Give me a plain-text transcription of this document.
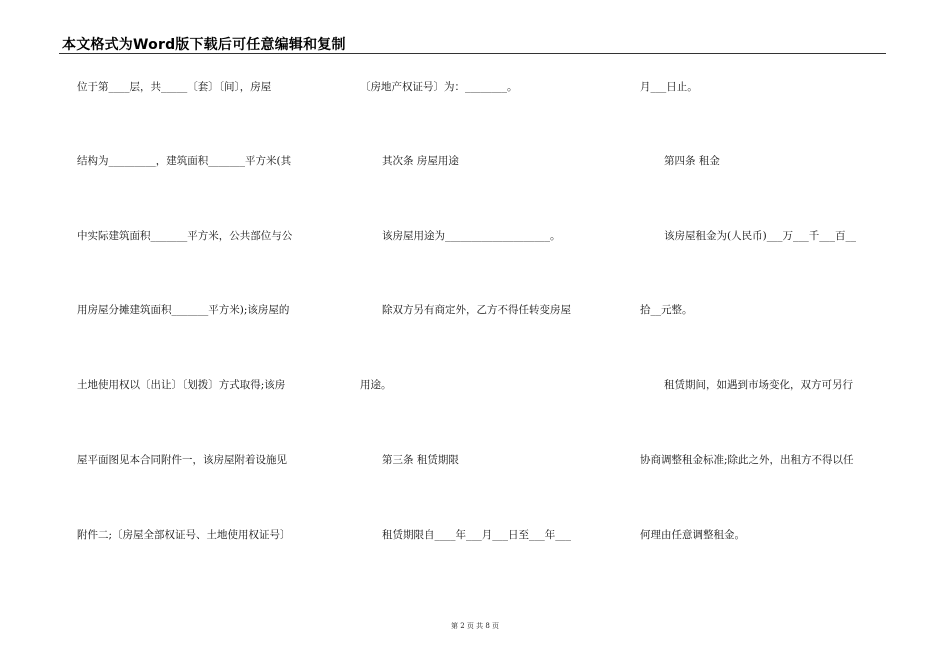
本文格式为Word版下载后可任意编辑和复制
位于第____层，共_____〔套〕〔间〕，房屋
结构为_________，建筑面积_______平方米(其
中实际建筑面积_______平方米，公共部位与公
用房屋分摊建筑面积_______平方米);该房屋的
土地使用权以〔出让〕〔划拨〕方式取得;该房
屋平面图见本合同附件一，该房屋附着设施见
附件二;〔房屋全部权证号、土地使用权证号〕
〔房地产权证号〕为：________。
其次条 房屋用途
该房屋用途为____________________。
除双方另有商定外，乙方不得任转变房屋
用途。
第三条 租赁期限
租赁期限自____年___月___日至___年___
月___日止。
第四条 租金
该房屋租金为(人民币)___万___千___百__
拾__元整。
租赁期间，如遇到市场变化，双方可另行
协商调整租金标准;除此之外，出租方不得以任
何理由任意调整租金。
第 2 页 共 8 页
